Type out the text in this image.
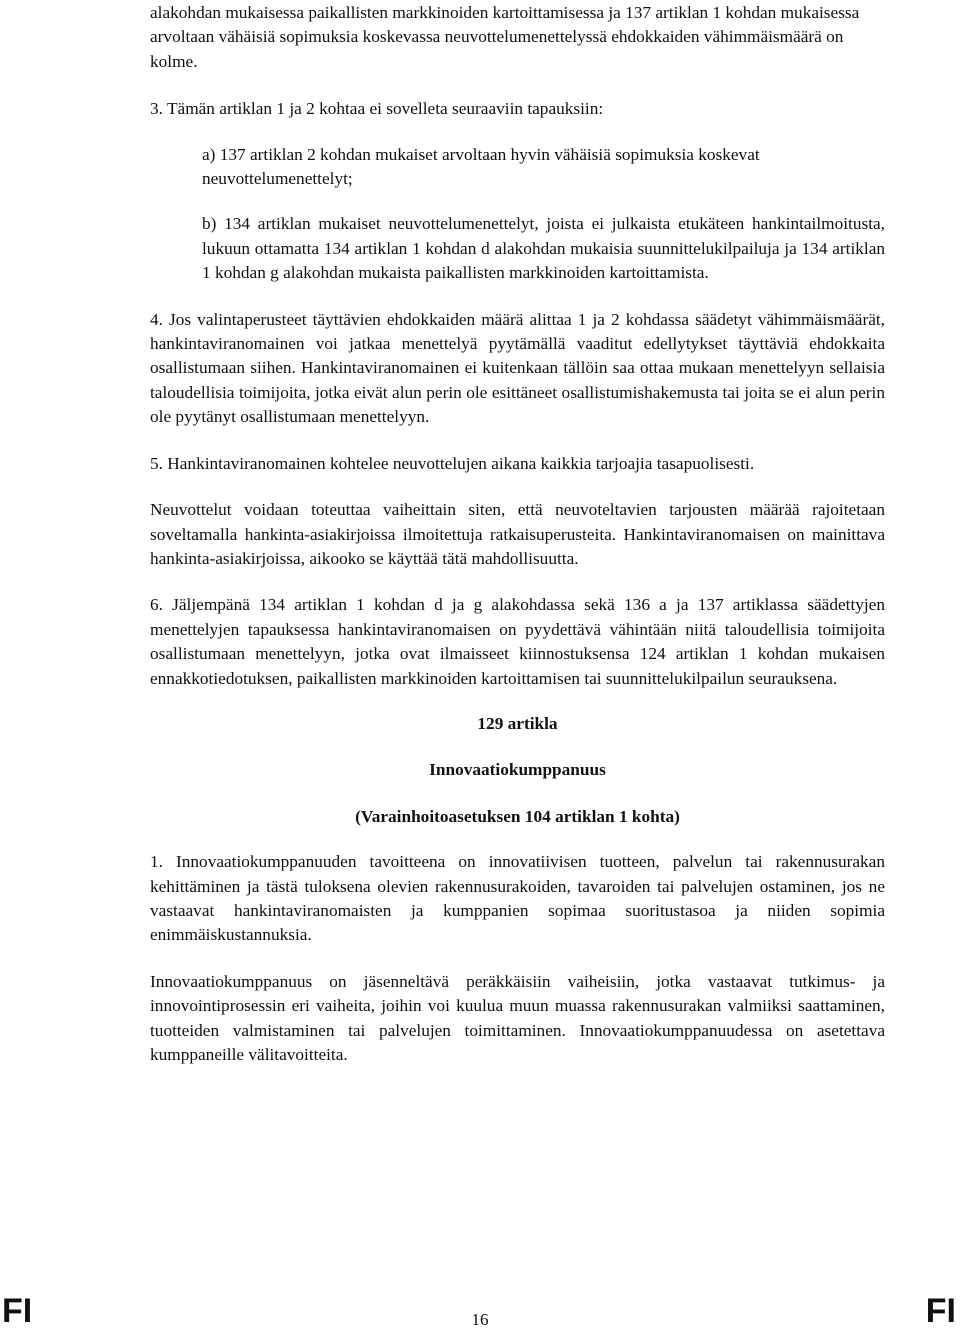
alakohdan mukaisessa paikallisten markkinoiden kartoittamisessa ja 137 artiklan 1 kohdan mukaisessa arvoltaan vähäisiä sopimuksia koskevassa neuvottelumenettelyssä ehdokkaiden vähimmäismäärä on kolme.

3. Tämän artiklan 1 ja 2 kohtaa ei sovelleta seuraaviin tapauksiin:

a) 137 artiklan 2 kohdan mukaiset arvoltaan hyvin vähäisiä sopimuksia koskevat neuvottelumenettelyt;

b) 134 artiklan mukaiset neuvottelumenettelyt, joista ei julkaista etukäteen hankintailmoitusta, lukuun ottamatta 134 artiklan 1 kohdan d alakohdan mukaisia suunnittelukilpailuja ja 134 artiklan 1 kohdan g alakohdan mukaista paikallisten markkinoiden kartoittamista.

4. Jos valintaperusteet täyttävien ehdokkaiden määrä alittaa 1 ja 2 kohdassa säädetyt vähimmäismäärät, hankintaviranomainen voi jatkaa menettelyä pyytämällä vaaditut edellytykset täyttäviä ehdokkaita osallistumaan siihen. Hankintaviranomainen ei kuitenkaan tällöin saa ottaa mukaan menettelyyn sellaisia taloudellisia toimijoita, jotka eivät alun perin ole esittäneet osallistumishakemusta tai joita se ei alun perin ole pyytänyt osallistumaan menettelyyn.

5. Hankintaviranomainen kohtelee neuvottelujen aikana kaikkia tarjoajia tasapuolisesti.

Neuvottelut voidaan toteuttaa vaiheittain siten, että neuvoteltavien tarjousten määrää rajoitetaan soveltamalla hankinta-asiakirjoissa ilmoitettuja ratkaisuperusteita. Hankintaviranomaisen on mainittava hankinta-asiakirjoissa, aikooko se käyttää tätä mahdollisuutta.

6. Jäljempänä 134 artiklan 1 kohdan d ja g alakohdassa sekä 136 a ja 137 artiklassa säädettyjen menettelyjen tapauksessa hankintaviranomaisen on pyydettävä vähintään niitä taloudellisia toimijoita osallistumaan menettelyyn, jotka ovat ilmaisseet kiinnostuksensa 124 artiklan 1 kohdan mukaisen ennakkotiedotuksen, paikallisten markkinoiden kartoittamisen tai suunnittelukilpailun seurauksena.

129 artikla

Innovaatiokumppanuus

(Varainhoitoasetuksen 104 artiklan 1 kohta)

1. Innovaatiokumppanuuden tavoitteena on innovatiivisen tuotteen, palvelun tai rakennusurakan kehittäminen ja tästä tuloksena olevien rakennusurakoiden, tavaroiden tai palvelujen ostaminen, jos ne vastaavat hankintaviranomaisten ja kumppanien sopimaa suoritustasoa ja niiden sopimia enimmäiskustannuksia.

Innovaatiokumppanuus on jäsenneltävä peräkkäisiin vaiheisiin, jotka vastaavat tutkimus- ja innovointiprosessin eri vaiheita, joihin voi kuulua muun muassa rakennusurakan valmiiksi saattaminen, tuotteiden valmistaminen tai palvelujen toimittaminen. Innovaatiokumppanuudessa on asetettava kumppaneille välitavoitteita.

FI	16	FI
